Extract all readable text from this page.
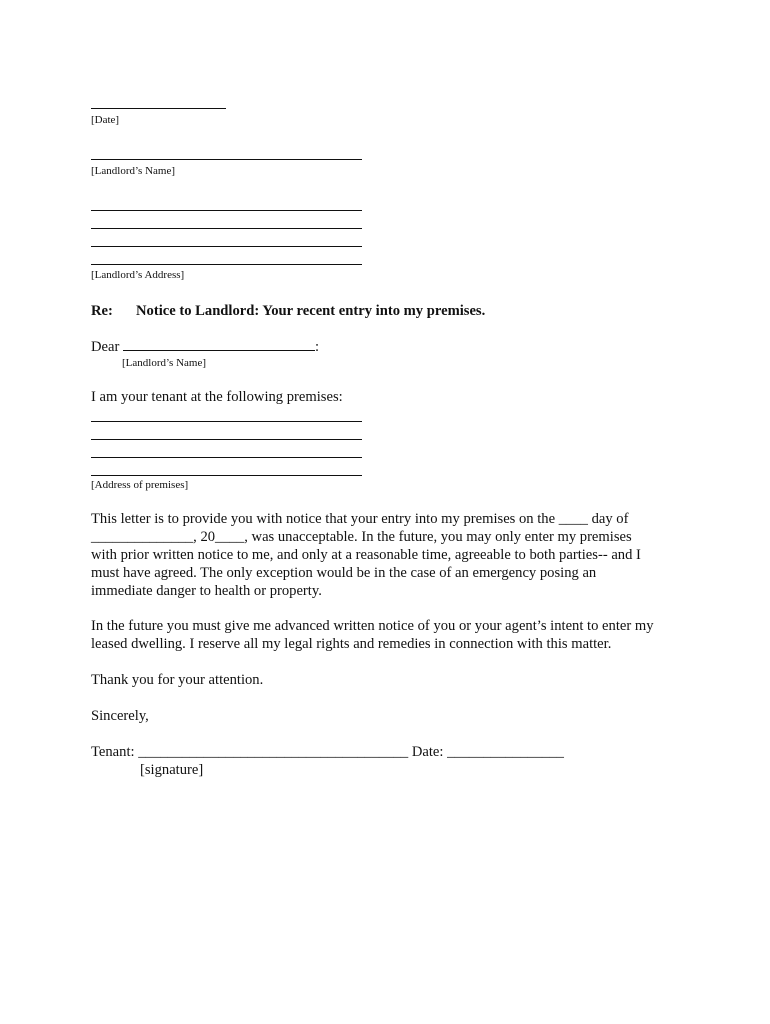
[Date]
[Landlord’s Name]
[Landlord’s Address]
Re: Notice to Landlord: Your recent entry into my premises.
Dear	:
[Landlord’s Name]
I am your tenant at the following premises:
[Address of premises]

This letter is to provide you with notice that your entry into my premises on the ____ day of

______________, 20____, was unacceptable. In the future, you may only enter my premises

with prior written notice to me, and only at a reasonable time, agreeable to both parties-- and I

must have agreed. The only exception would be in the case of an emergency posing an

immediate danger to health or property.

In the future you must give me advanced written notice of you or your agent’s intent to enter my

leased dwelling. I reserve all my legal rights and remedies in connection with this matter.

Thank you for your attention.
Sincerely,
Tenant: _____________________________________ Date: ________________
[signature]
